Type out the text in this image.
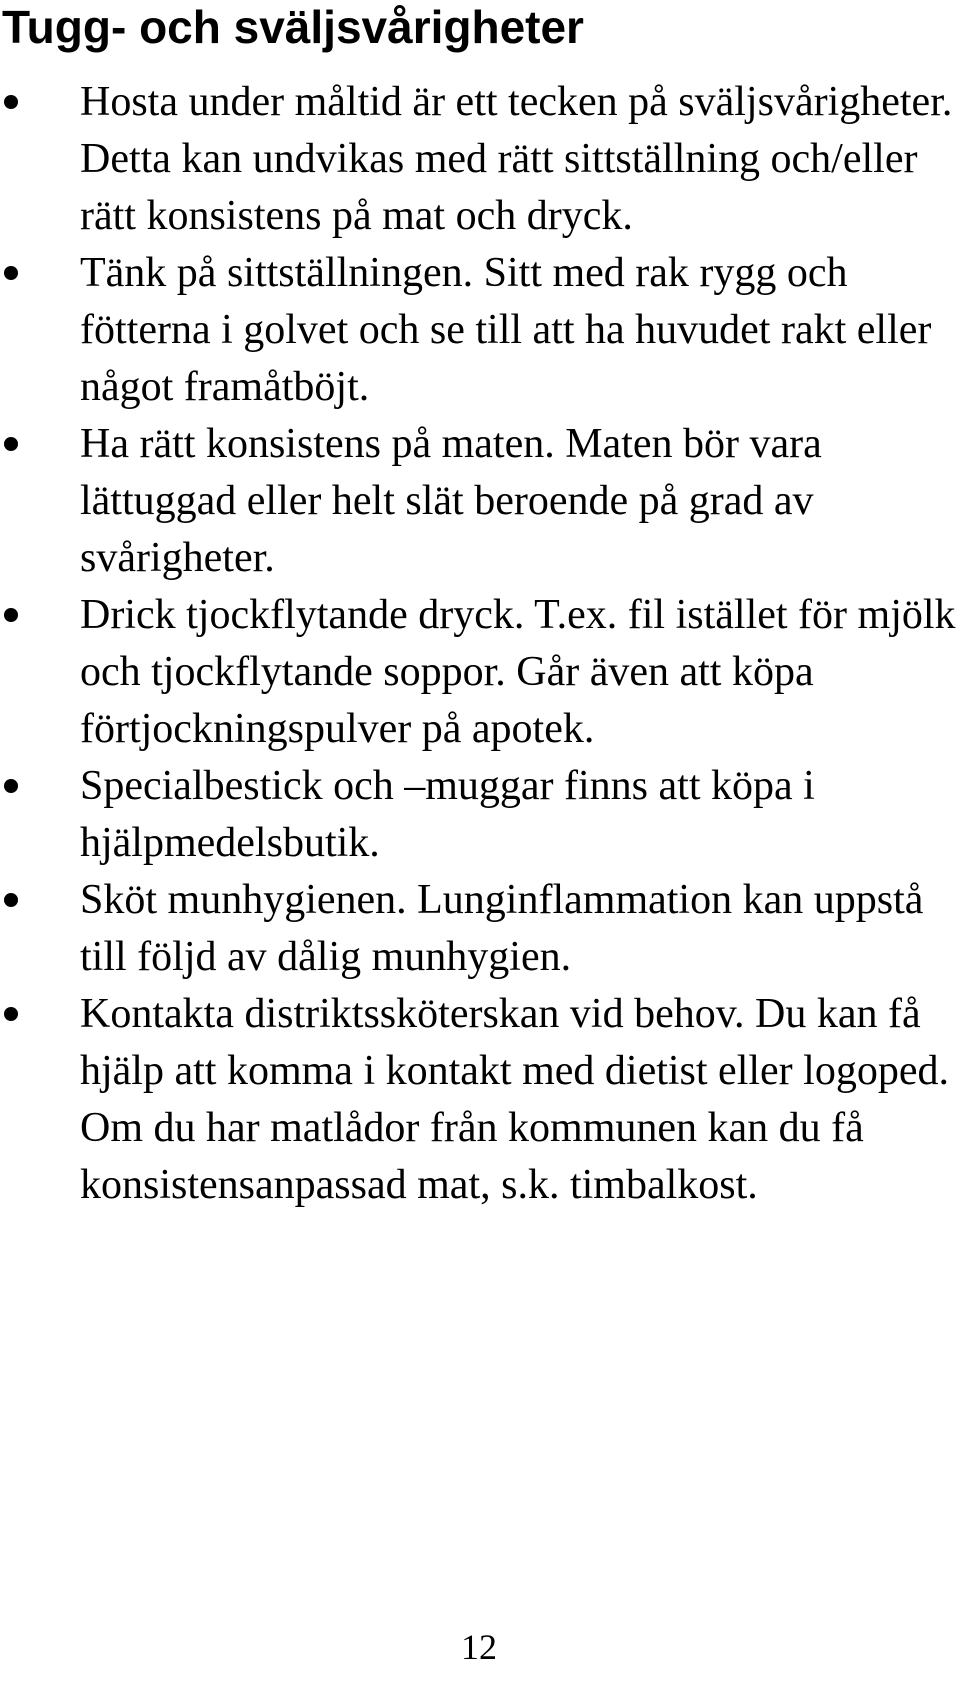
Tugg- och sväljsvårigheter
Hosta under måltid är ett tecken på sväljsvårigheter. Detta kan undvikas med rätt sittställning och/eller rätt konsistens på mat och dryck.
Tänk på sittställningen. Sitt med rak rygg och fötterna i golvet och se till att ha huvudet rakt eller något framåtböjt.
Ha rätt konsistens på maten. Maten bör vara lättuggad eller helt slät beroende på grad av svårigheter.
Drick tjockflytande dryck. T.ex. fil istället för mjölk och tjockflytande soppor. Går även att köpa förtjockningspulver på apotek.
Specialbestick och –muggar finns att köpa i hjälpmedelsbutik.
Sköt munhygienen. Lunginflammation kan uppstå till följd av dålig munhygien.
Kontakta distriktssköterskan vid behov. Du kan få hjälp att komma i kontakt med dietist eller logoped. Om du har matlådor från kommunen kan du få konsistensanpassad mat, s.k. timbalkost.
12
